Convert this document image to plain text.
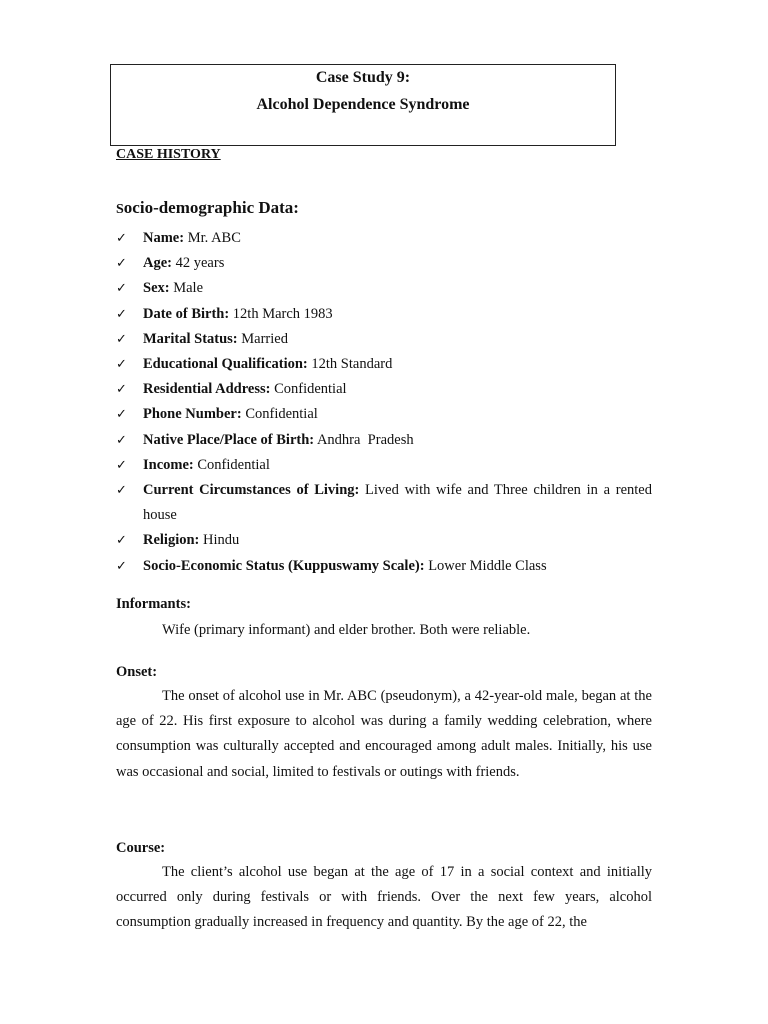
Case Study 9:
Alcohol Dependence Syndrome
CASE HISTORY
Socio-demographic Data:
✓ Name: Mr. ABC
✓ Age: 42 years
✓ Sex: Male
✓ Date of Birth: 12th March 1983
✓ Marital Status: Married
✓ Educational Qualification: 12th Standard
✓ Residential Address: Confidential
✓ Phone Number: Confidential
✓ Native Place/Place of Birth: Andhra  Pradesh
✓ Income: Confidential
✓ Current Circumstances of Living: Lived with wife and Three children in a rented house
✓ Religion: Hindu
✓ Socio-Economic Status (Kuppuswamy Scale): Lower Middle Class
Informants:

Wife (primary informant) and elder brother. Both were reliable.

Onset:

The onset of alcohol use in Mr. ABC (pseudonym), a 42-year-old male, began at the age of 22. His first exposure to alcohol was during a family wedding celebration, where consumption was culturally accepted and encouraged among adult males. Initially, his use was occasional and social, limited to festivals or outings with friends.

Course:

The client’s alcohol use began at the age of 17 in a social context and initially occurred only during festivals or with friends. Over the next few years, alcohol consumption gradually increased in frequency and quantity. By the age of 22, the
